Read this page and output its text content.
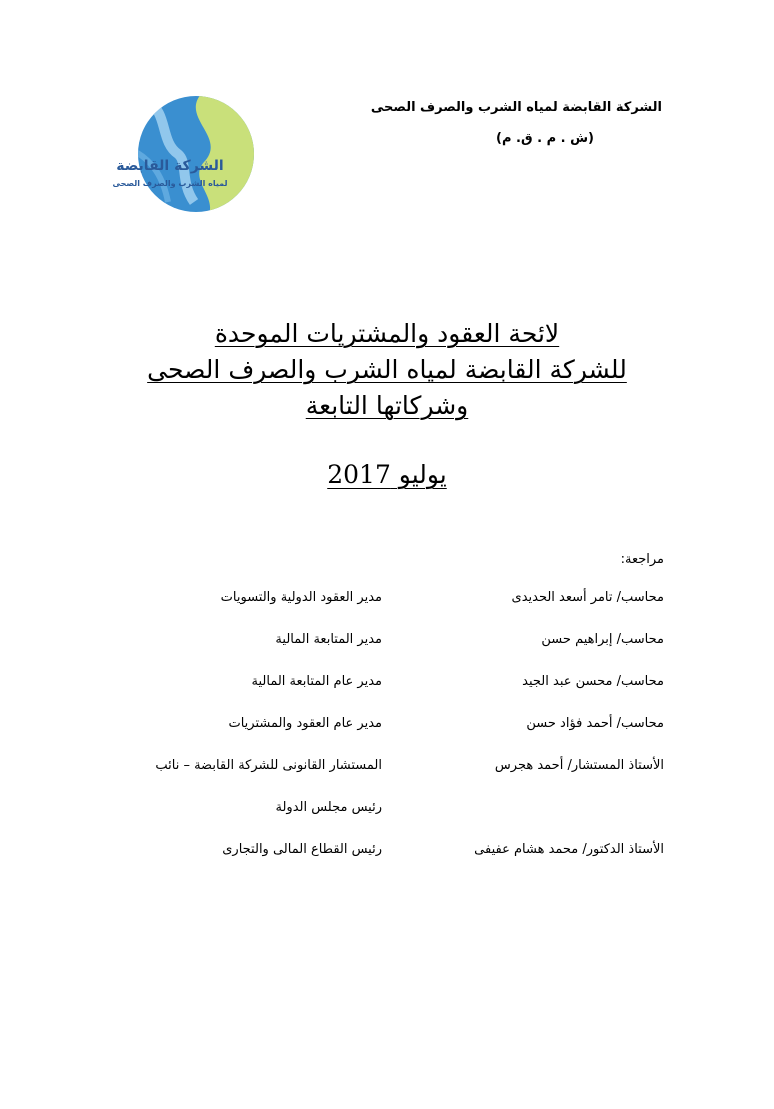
الشركة القابضة
لمياه الشرب والصرف الصحى
الشركة القابضة لمياه الشرب والصرف الصحى
(ش . م . ق. م)
لائحة العقود والمشتريات الموحدة
للشركة القابضة لمياه الشرب والصرف الصحى
وشركاتها التابعة
يوليو 2017
مراجعة:
محاسب/ تامر أسعد الحديدى
مدير العقود الدولية والتسويات
محاسب/ إبراهيم حسن
مدير المتابعة المالية
محاسب/ محسن عبد الجيد
مدير عام المتابعة المالية
محاسب/ أحمد فؤاد حسن
مدير عام العقود والمشتريات
الأستاذ المستشار/ أحمد هجرس
المستشار القانونى للشركة القابضة – نائب
رئيس مجلس الدولة
الأستاذ الدكتور/ محمد هشام عفيفى
رئيس القطاع المالى والتجارى
